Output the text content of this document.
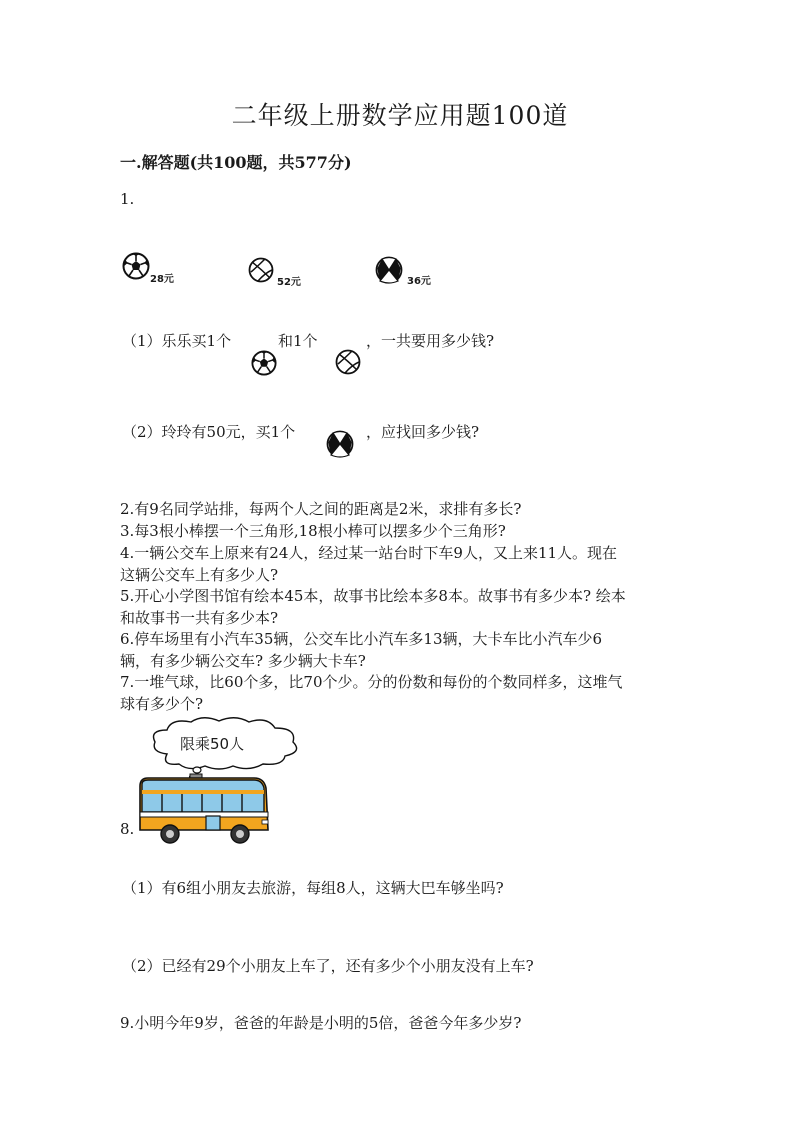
二年级上册数学应用题100道
一.解答题(共100题，共577分)
1.
28元	52元	36元
（1）乐乐买1个	和1个	，一共要用多少钱?
（2）玲玲有50元，买1个	，应找回多少钱?
2.有9名同学站排，每两个人之间的距离是2米，求排有多长?
3.每3根小棒摆一个三角形,18根小棒可以摆多少个三角形?
4.一辆公交车上原来有24人，经过某一站台时下车9人，又上来11人。现在
这辆公交车上有多少人?
5.开心小学图书馆有绘本45本，故事书比绘本多8本。故事书有多少本? 绘本
和故事书一共有多少本?
6.停车场里有小汽车35辆，公交车比小汽车多13辆，大卡车比小汽车少6
辆，有多少辆公交车? 多少辆大卡车?
7.一堆气球，比60个多，比70个少。分的份数和每份的个数同样多，这堆气
球有多少个?
限乘50人
8.
（1）有6组小朋友去旅游，每组8人，这辆大巴车够坐吗?
（2）已经有29个小朋友上车了，还有多少个小朋友没有上车?
9.小明今年9岁，爸爸的年龄是小明的5倍，爸爸今年多少岁?
